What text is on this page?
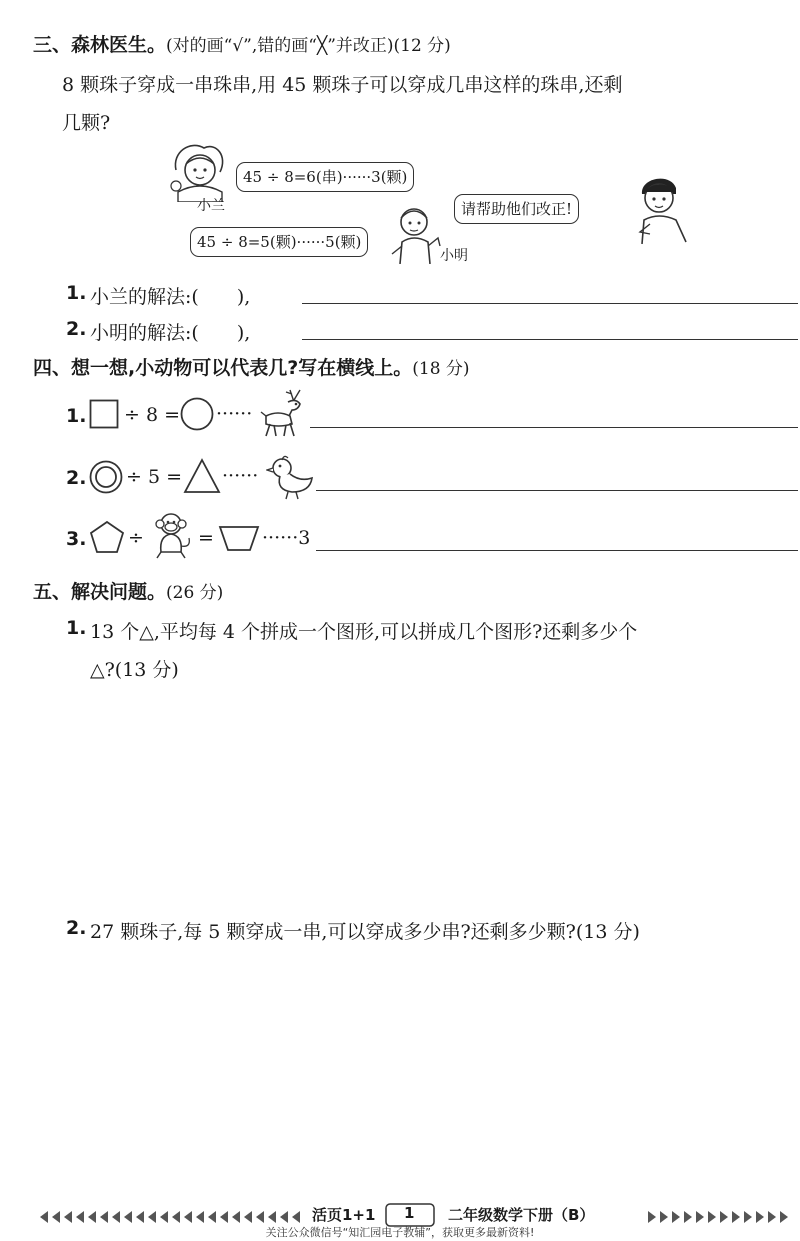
三、森林医生。(对的画“√”,错的画“╳”并改正)(12 分)
8 颗珠子穿成一串珠串,用 45 颗珠子可以穿成几串这样的珠串,还剩
几颗?
45 ÷ 8=6(串)······3(颗)
小兰	请帮助他们改正!
45 ÷ 8=5(颗)······5(颗)
小明
1. 小兰的解法:(　　),
2. 小明的解法:(　　),
四、想一想,小动物可以代表几?写在横线上。(18 分)
1. ÷ 8 = ······
2. ÷ 5 = ······
3. ÷	=	······3
五、解决问题。(26 分)
1. 13 个△,平均每 4 个拼成一个图形,可以拼成几个图形?还剩多少个
△?(13 分)
2. 27 颗珠子,每 5 颗穿成一串,可以穿成多少串?还剩多少颗?(13 分)
活页1+1 1 二年级数学下册（B）
关注公众微信号“知汇园电子教辅”，获取更多最新资料!
